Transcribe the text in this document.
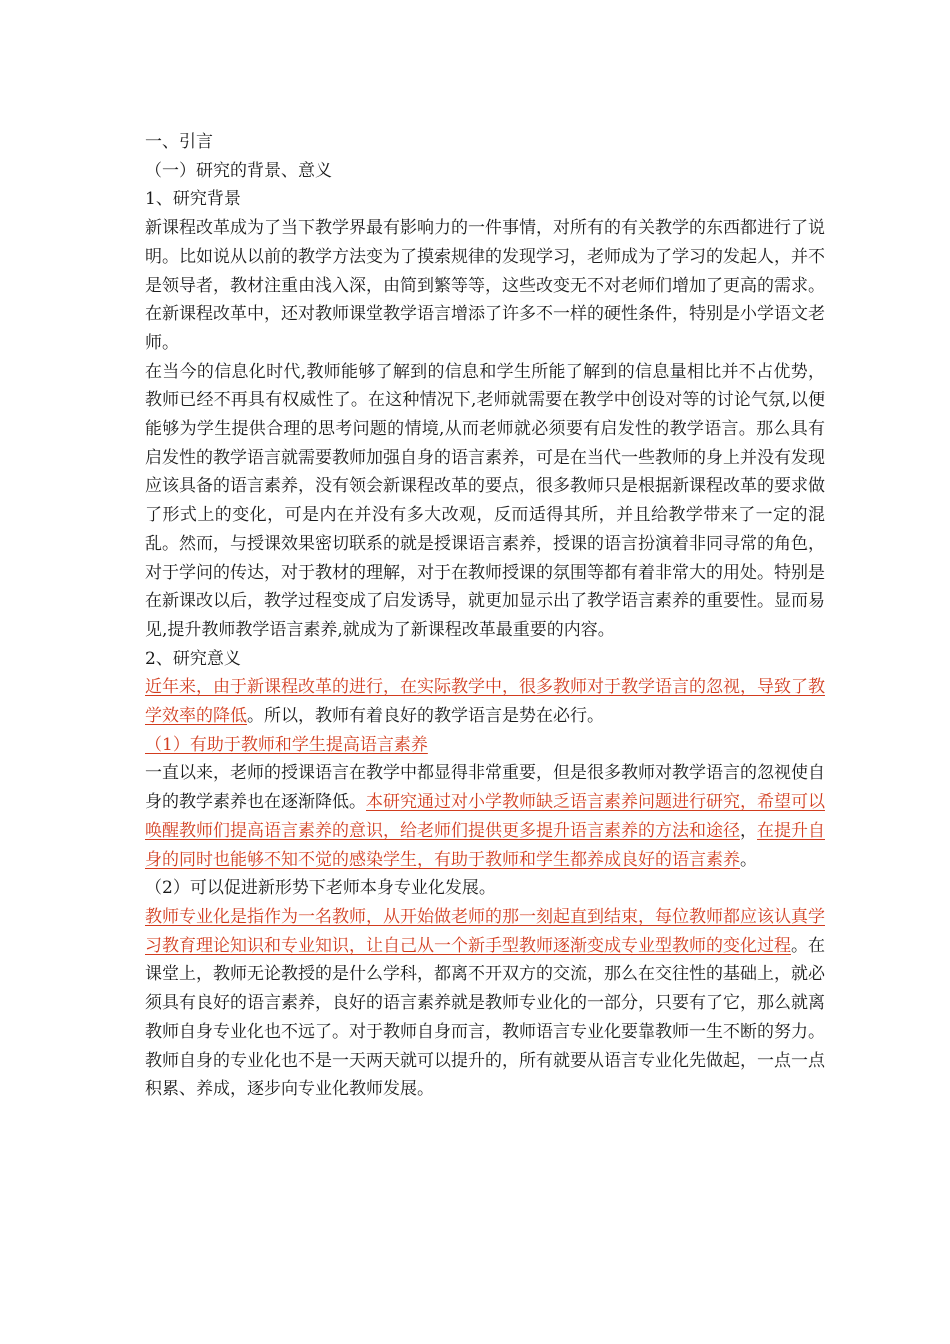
一、引言

（一）研究的背景、意义

1、研究背景

新课程改革成为了当下教学界最有影响力的一件事情，对所有的有关教学的东西都进行了说明。比如说从以前的教学方法变为了摸索规律的发现学习，老师成为了学习的发起人，并不是领导者，教材注重由浅入深，由简到繁等等，这些改变无不对老师们增加了更高的需求。在新课程改革中，还对教师课堂教学语言增添了许多不一样的硬性条件，特别是小学语文老师。

在当今的信息化时代,教师能够了解到的信息和学生所能了解到的信息量相比并不占优势，教师已经不再具有权威性了。在这种情况下,老师就需要在教学中创设对等的讨论气氛,以便能够为学生提供合理的思考问题的情境,从而老师就必须要有启发性的教学语言。那么具有启发性的教学语言就需要教师加强自身的语言素养，可是在当代一些教师的身上并没有发现应该具备的语言素养，没有领会新课程改革的要点，很多教师只是根据新课程改革的要求做了形式上的变化，可是内在并没有多大改观，反而适得其所，并且给教学带来了一定的混乱。然而，与授课效果密切联系的就是授课语言素养，授课的语言扮演着非同寻常的角色，对于学问的传达，对于教材的理解，对于在教师授课的氛围等都有着非常大的用处。特别是在新课改以后，教学过程变成了启发诱导，就更加显示出了教学语言素养的重要性。显而易见,提升教师教学语言素养,就成为了新课程改革最重要的内容。

2、研究意义

近年来，由于新课程改革的进行，在实际教学中，很多教师对于教学语言的忽视，导致了教学效率的降低。所以，教师有着良好的教学语言是势在必行。

（1）有助于教师和学生提高语言素养

一直以来，老师的授课语言在教学中都显得非常重要，但是很多教师对教学语言的忽视使自身的教学素养也在逐渐降低。本研究通过对小学教师缺乏语言素养问题进行研究，希望可以唤醒教师们提高语言素养的意识，给老师们提供更多提升语言素养的方法和途径，在提升自身的同时也能够不知不觉的感染学生，有助于教师和学生都养成良好的语言素养。

（2）可以促进新形势下老师本身专业化发展。

教师专业化是指作为一名教师，从开始做老师的那一刻起直到结束，每位教师都应该认真学习教育理论知识和专业知识，让自己从一个新手型教师逐渐变成专业型教师的变化过程。在课堂上，教师无论教授的是什么学科，都离不开双方的交流，那么在交往性的基础上，就必须具有良好的语言素养，良好的语言素养就是教师专业化的一部分，只要有了它，那么就离教师自身专业化也不远了。对于教师自身而言，教师语言专业化要靠教师一生不断的努力。教师自身的专业化也不是一天两天就可以提升的，所有就要从语言专业化先做起，一点一点积累、养成，逐步向专业化教师发展。
